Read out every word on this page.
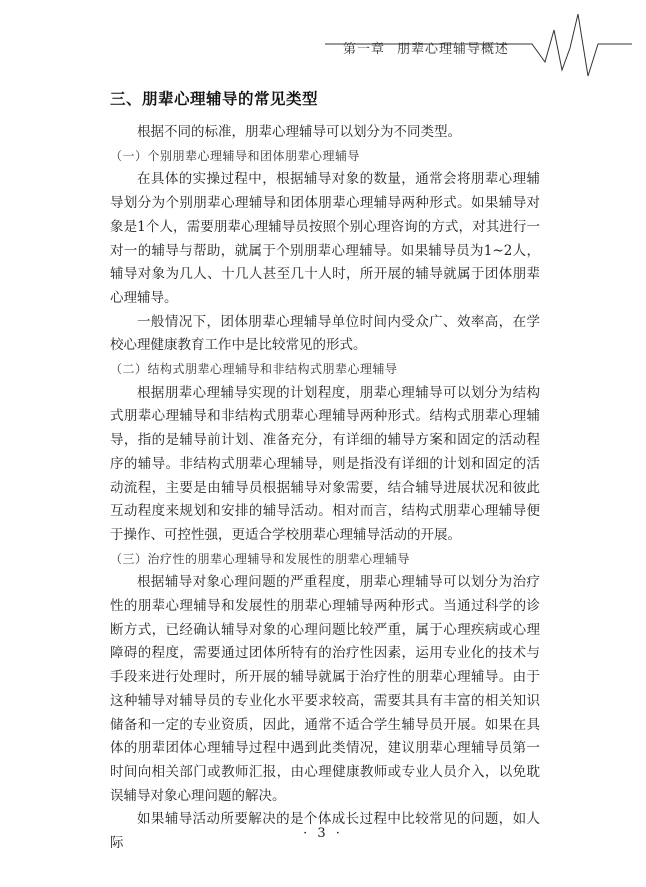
第一章 朋辈心理辅导概述
三、朋辈心理辅导的常见类型

根据不同的标准，朋辈心理辅导可以划分为不同类型。

（一）个别朋辈心理辅导和团体朋辈心理辅导

在具体的实操过程中，根据辅导对象的数量，通常会将朋辈心理辅导划分为个别朋辈心理辅导和团体朋辈心理辅导两种形式。如果辅导对象是1个人，需要朋辈心理辅导员按照个别心理咨询的方式，对其进行一对一的辅导与帮助，就属于个别朋辈心理辅导。如果辅导员为1~2人，辅导对象为几人、十几人甚至几十人时，所开展的辅导就属于团体朋辈心理辅导。

一般情况下，团体朋辈心理辅导单位时间内受众广、效率高，在学校心理健康教育工作中是比较常见的形式。

（二）结构式朋辈心理辅导和非结构式朋辈心理辅导

根据朋辈心理辅导实现的计划程度，朋辈心理辅导可以划分为结构式朋辈心理辅导和非结构式朋辈心理辅导两种形式。结构式朋辈心理辅导，指的是辅导前计划、准备充分，有详细的辅导方案和固定的活动程序的辅导。非结构式朋辈心理辅导，则是指没有详细的计划和固定的活动流程，主要是由辅导员根据辅导对象需要，结合辅导进展状况和彼此互动程度来规划和安排的辅导活动。相对而言，结构式朋辈心理辅导便于操作、可控性强，更适合学校朋辈心理辅导活动的开展。

（三）治疗性的朋辈心理辅导和发展性的朋辈心理辅导

根据辅导对象心理问题的严重程度，朋辈心理辅导可以划分为治疗性的朋辈心理辅导和发展性的朋辈心理辅导两种形式。当通过科学的诊断方式，已经确认辅导对象的心理问题比较严重，属于心理疾病或心理障碍的程度，需要通过团体所特有的治疗性因素，运用专业化的技术与手段来进行处理时，所开展的辅导就属于治疗性的朋辈心理辅导。由于这种辅导对辅导员的专业化水平要求较高，需要其具有丰富的相关知识储备和一定的专业资质，因此，通常不适合学生辅导员开展。如果在具体的朋辈团体心理辅导过程中遇到此类情况，建议朋辈心理辅导员第一时间向相关部门或教师汇报，由心理健康教师或专业人员介入，以免耽误辅导对象心理问题的解决。

如果辅导活动所要解决的是个体成长过程中比较常见的问题，如人际

· 3 ·
